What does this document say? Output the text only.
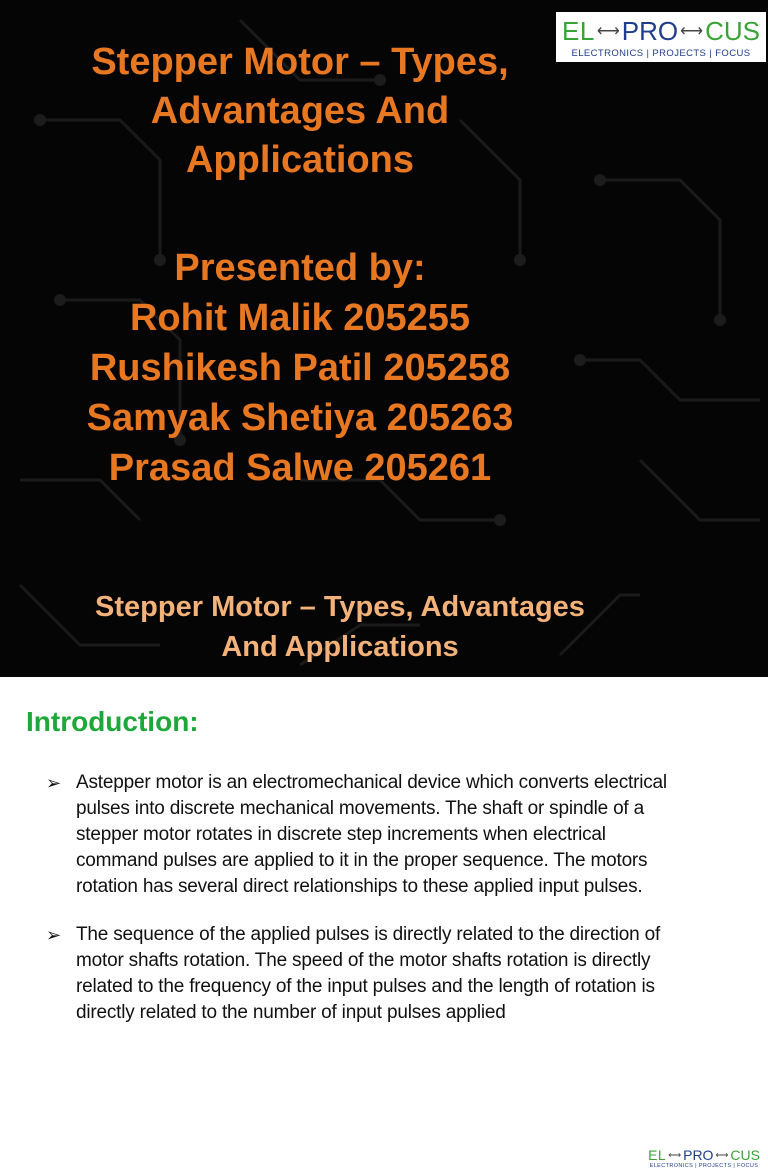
EL ⟷ PRO ⟷ CUS
ELECTRONICS | PROJECTS | FOCUS
Stepper Motor – Types,
Advantages And
Applications
Presented by:
Rohit Malik 205255
Rushikesh Patil 205258
Samyak Shetiya 205263
Prasad Salwe 205261
EL ⟷ PRO ⟷ CUS
ELECTRONICS | PROJECTS | FOCUS
Stepper Motor – Types, Advantages
And Applications
Introduction:
➢ Astepper motor is an electromechanical device which converts electrical
pulses into discrete mechanical movements. The shaft or spindle of a
stepper motor rotates in discrete step increments when electrical
command pulses are applied to it in the proper sequence. The motors
rotation has several direct relationships to these applied input pulses.
➢ The sequence of the applied pulses is directly related to the direction of
motor shafts rotation. The speed of the motor shafts rotation is directly
related to the frequency of the input pulses and the length of rotation is
directly related to the number of input pulses applied
